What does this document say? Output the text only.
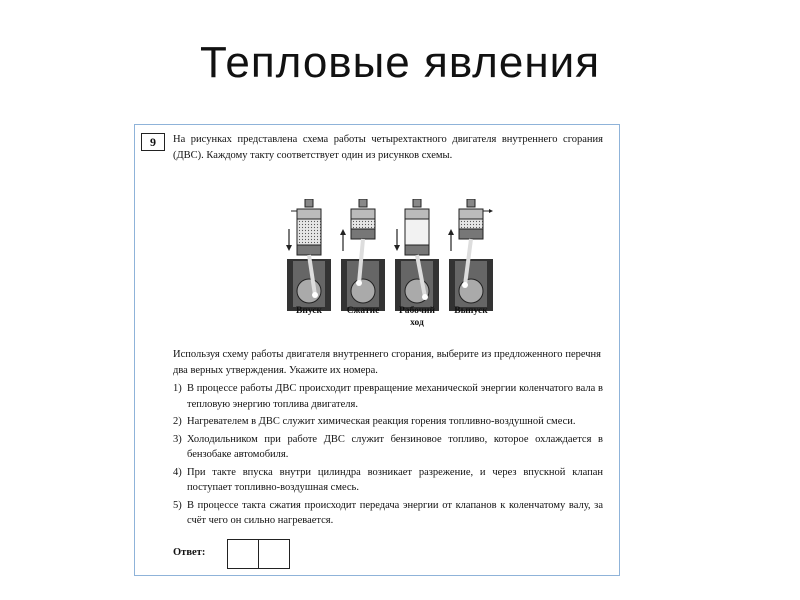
Тепловые явления
9	На рисунках представлена схема работы четырехтактного двигателя внутреннего сгорания (ДВС). Каждому такту соответствует один из рисунков схемы.
Впуск	Сжатие	Рабочий ход
Выпуск
Используя схему работы двигателя внутреннего сгорания, выберите из предложенного перечня два верных утверждения. Укажите их номера.
1) В процессе работы ДВС происходит превращение механической энергии коленчатого вала в тепловую энергию топлива двигателя.
2) Нагревателем в ДВС служит химическая реакция горения топливно-воздушной смеси.
3) Холодильником при работе ДВС служит бензиновое топливо, которое охлаждается в бензобаке автомобиля.
4) При такте впуска внутри цилиндра возникает разрежение, и через впускной клапан поступает топливно-воздушная смесь.
5) В процессе такта сжатия происходит передача энергии от клапанов к коленчатому валу, за счёт чего он сильно нагревается.
Ответ:
